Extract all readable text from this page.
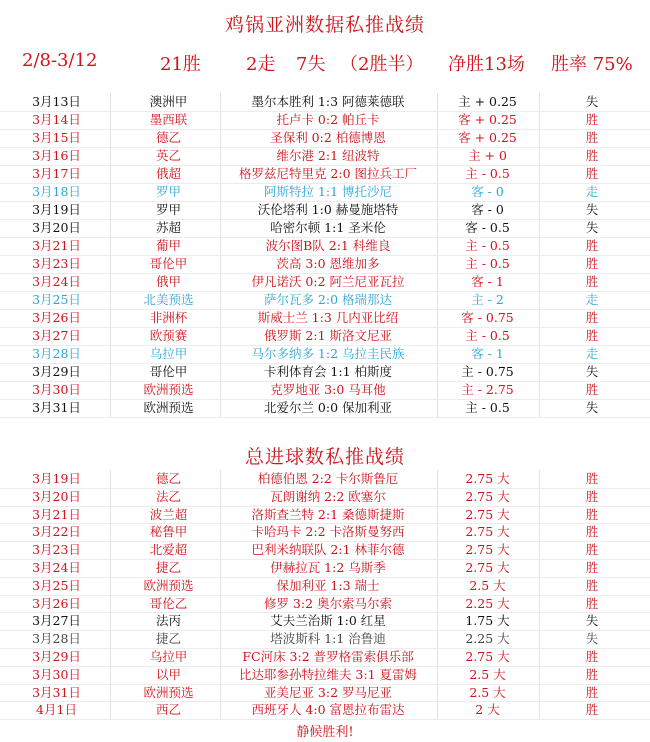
鸡锅亚洲数据私推战绩
2/8-3/12	21胜	2走 7失 （2胜半） 净胜13场 胜率 75%
3月13日	澳洲甲	墨尔本胜利 1:3 阿德莱德联	主 + 0.25	失
3月14日	墨西联	托卢卡 0:2 帕丘卡	客 + 0.25	胜
3月15日	德乙	圣保利 0:2 柏德博恩	客 + 0.25	胜
3月16日	英乙	维尔港 2:1 纽波特	主 + 0	胜
3月17日	俄超	格罗兹尼特里克 2:0 图拉兵工厂	主 - 0.5	胜
3月18日	罗甲	阿斯特拉 1:1 博托沙尼	客 - 0	走
3月19日	罗甲	沃伦塔利 1:0 赫曼施塔特	客 - 0	失
3月20日	苏超	哈密尔顿 1:1 圣米伦	客 - 0.5	失
3月21日	葡甲	波尔图B队 2:1 科维良	主 - 0.5	胜
3月23日	哥伦甲	茨高 3:0 恩维加多	主 - 0.5	胜
3月24日	俄甲	伊凡诺沃 0:2 阿兰尼亚瓦拉	客 - 1	胜
3月25日	北美预选	萨尔瓦多 2:0 格瑞那达	主 - 2	走
3月26日	非洲杯	斯威士兰 1:3 几内亚比绍	客 - 0.75	胜
3月27日	欧预赛	俄罗斯 2:1 斯洛文尼亚	主 - 0.5	胜
3月28日	乌拉甲	马尔多纳多 1:2 乌拉圭民族	客 - 1	走
3月29日	哥伦甲	卡利体育会 1:1 柏斯度	主 - 0.75	失
3月30日	欧洲预选	克罗地亚 3:0 马耳他	主 - 2.75	胜
3月31日	欧洲预选	北爱尔兰 0:0 保加利亚	主 - 0.5	失
总进球数私推战绩
3月19日	德乙	柏德伯恩 2:2 卡尔斯鲁厄	2.75 大	胜
3月20日	法乙	瓦朗谢纳 2:2 欧塞尔	2.75 大	胜
3月21日	波兰超	洛斯查兰特 2:1 桑德斯捷斯	2.75 大	胜
3月22日	秘鲁甲	卡哈玛卡 2:2 卡洛斯曼努西	2.75 大	胜
3月23日	北爱超	巴利米纳联队 2:1 林菲尔德	2.75 大	胜
3月24日	捷乙	伊赫拉瓦 1:2 乌斯季	2.75 大	胜
3月25日	欧洲预选	保加利亚 1:3 瑞士	2.5 大	胜
3月26日	哥伦乙	修罗 3:2 奥尔索马尔索	2.25 大	胜
3月27日	法丙	艾夫兰治斯 1:0 红星	1.75 大	失
3月28日	捷乙	塔波斯科 1:1 治鲁迪	2.25 大	失
3月29日	乌拉甲	FC河床 3:2 普罗格雷索俱乐部	2.75 大	胜
3月30日	以甲	比达耶参孙特拉维夫 3:1 夏雷姆	2.5 大	胜
3月31日	欧洲预选	亚美尼亚 3:2 罗马尼亚	2.5 大	胜
4月1日	西乙	西班牙人 4:0 富恩拉布雷达	2 大	胜
静候胜利!
